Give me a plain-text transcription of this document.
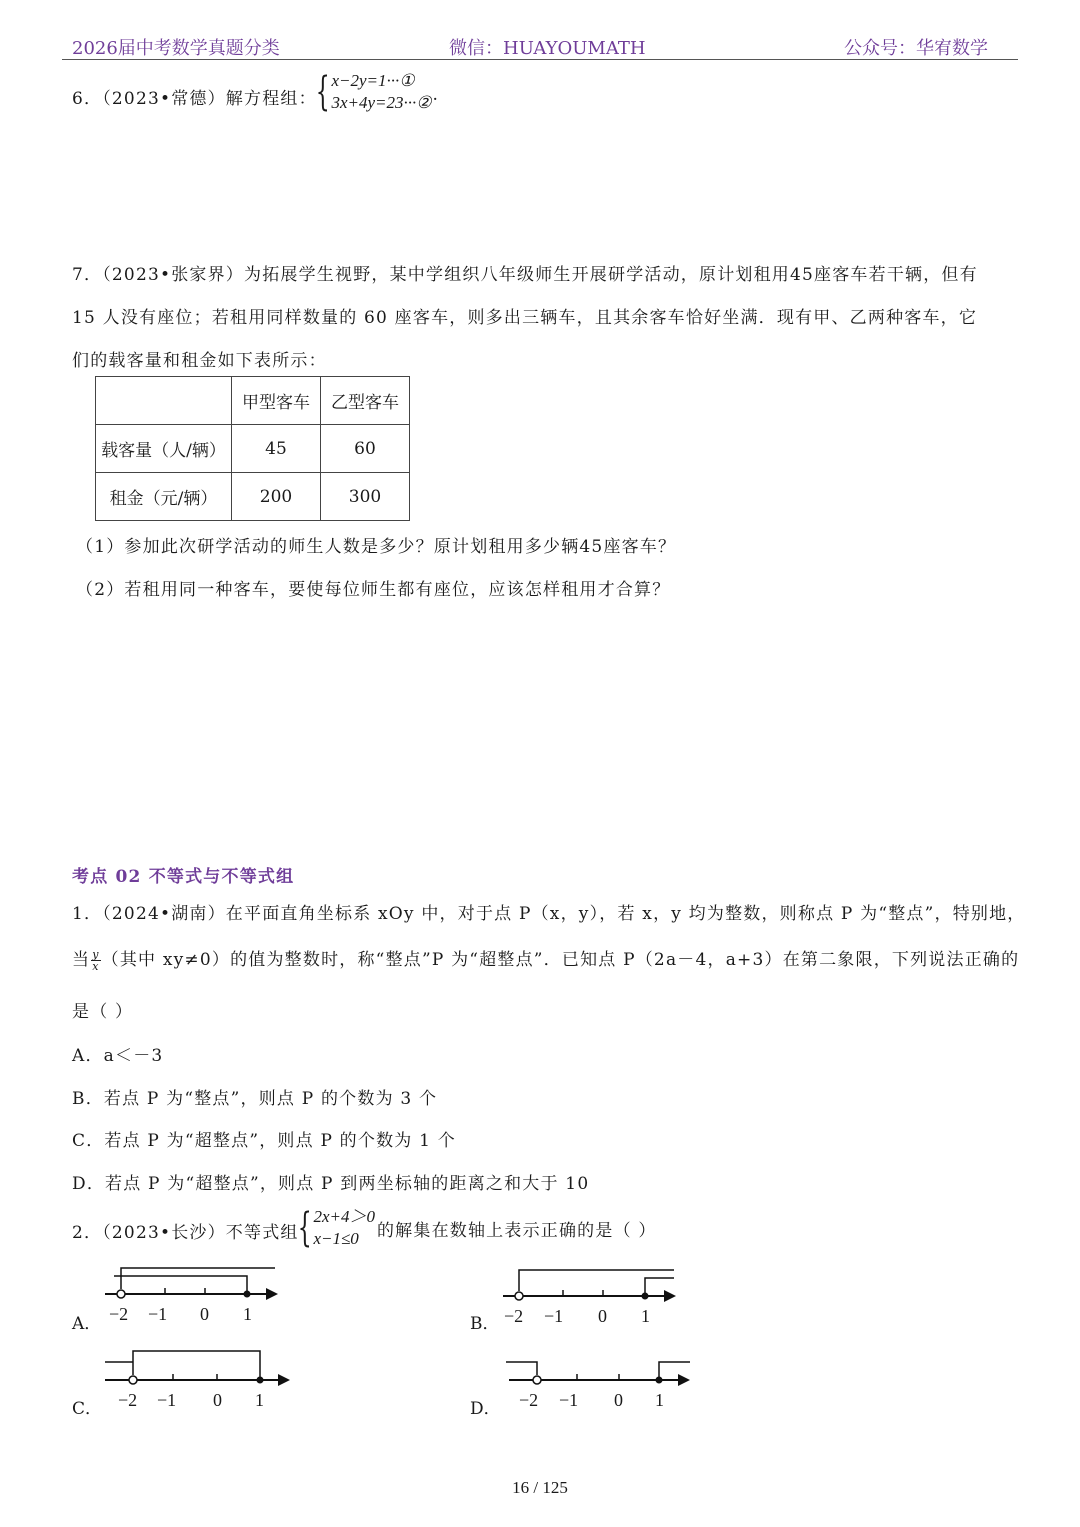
2026届中考数学真题分类	微信：HUAYOUMATH	公众号：华宥数学
6．（2023•常德）解方程组：
{ x−2y=1···①
3x+4y=23···② .
7．（2023•张家界）为拓展学生视野，某中学组织八年级师生开展研学活动，原计划租用45座客车若干辆，但有
15 人没有座位；若租用同样数量的 60 座客车，则多出三辆车，且其余客车恰好坐满．现有甲、乙两种客车，它
们的载客量和租金如下表所示：
	甲型客车	乙型客车
载客量（人/辆）	45	60
租金（元/辆）	200	300
（1）参加此次研学活动的师生人数是多少？原计划租用多少辆45座客车？
（2）若租用同一种客车，要使每位师生都有座位，应该怎样租用才合算？
考点 02 不等式与不等式组
1．（2024•湖南）在平面直角坐标系 xOy 中，对于点 P（x，y），若 x，y 均为整数，则称点 P 为“整点”，特别地，
当 $\frac{y}{x}$ （其中 xy≠0）的值为整数时，称“整点”P 为“超整点”．已知点 P（2a－4，a+3）在第二象限，下列说法正确的
是（ ）
A．a＜－3
B．若点 P 为“整点”，则点 P 的个数为 3 个
C．若点 P 为“超整点”，则点 P 的个数为 1 个
D．若点 P 为“超整点”，则点 P 到两坐标轴的距离之和大于 10
2．（2023•长沙）不等式组 { 2x+4＞0
x−1≤0	的解集在数轴上表示正确的是（ ）
A．	B．
C．	D．
−2 −1 0 1	−2 −1 0 1
−2 −1 0 1	−2 −1 0 1
16 / 125
